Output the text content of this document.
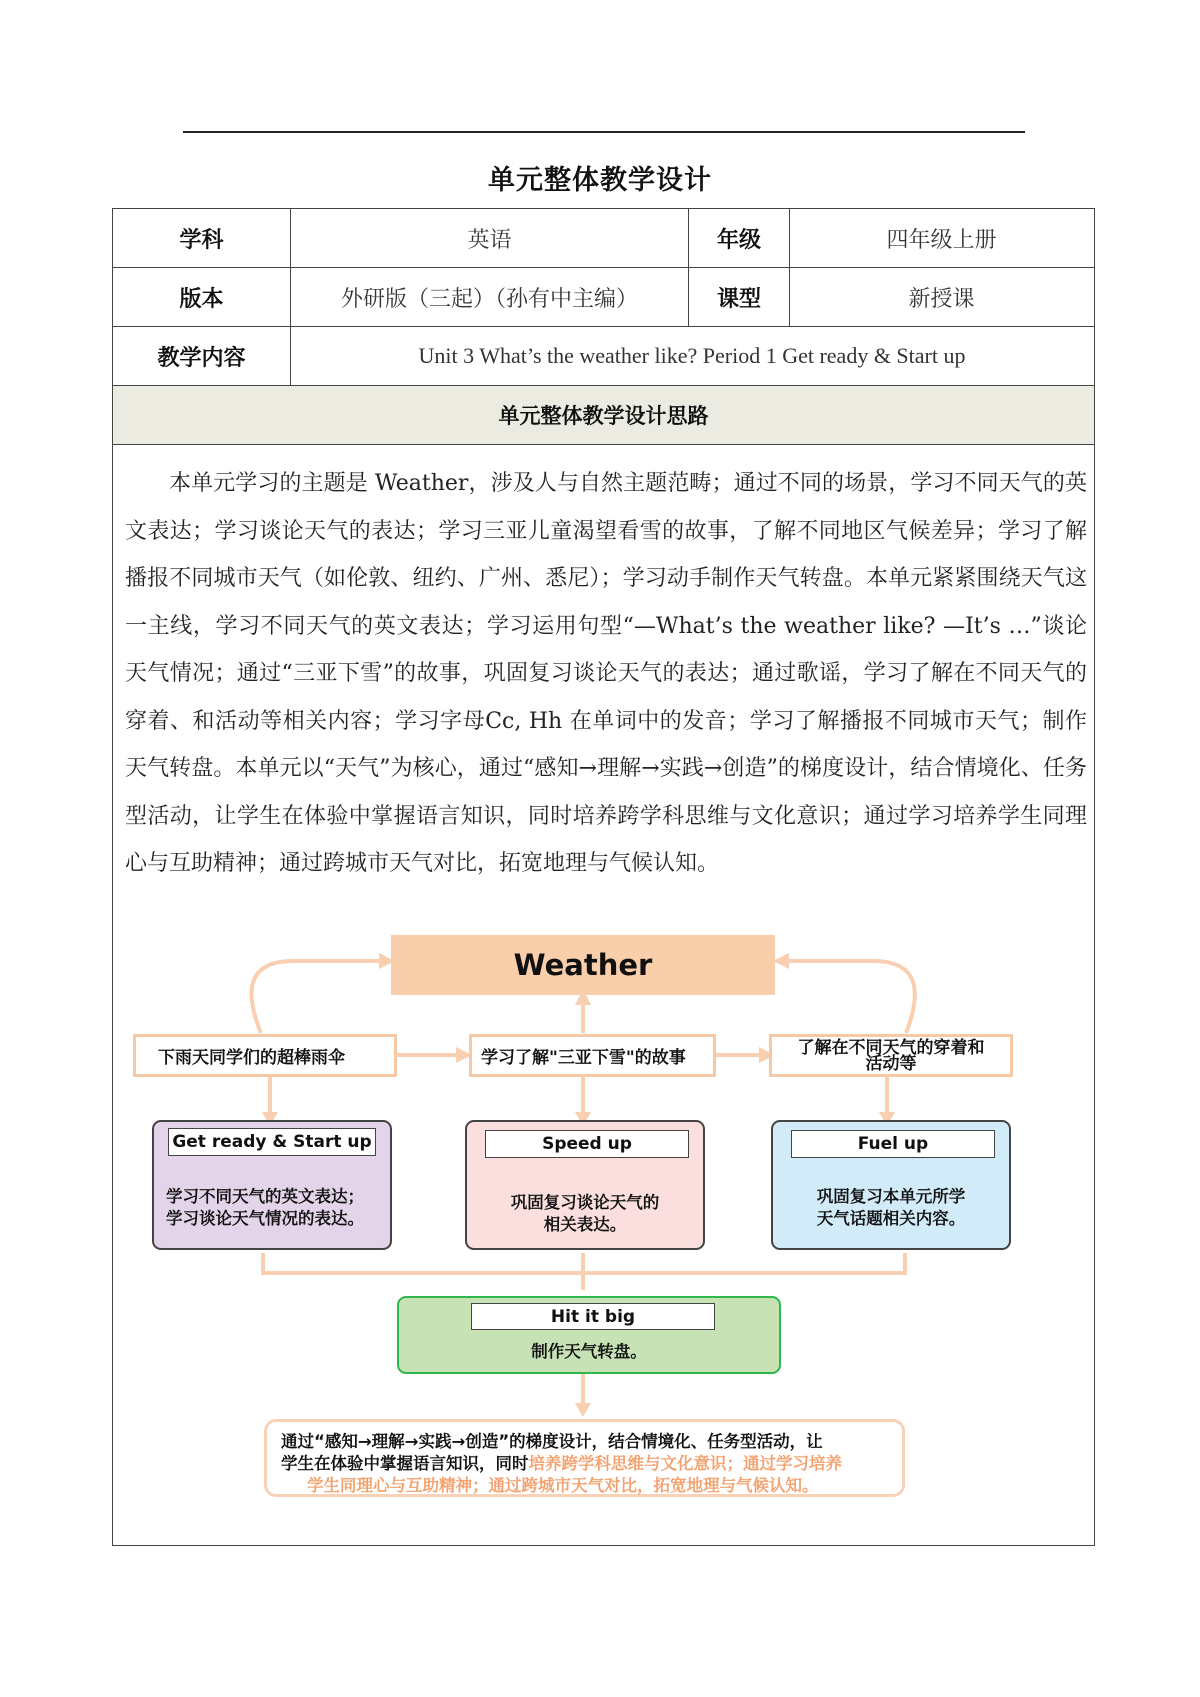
单元整体教学设计
学科	英语	年级	四年级上册
版本	外研版（三起）（孙有中主编）	课型	新授课
教学内容	Unit 3 What’s the weather like? Period 1 Get ready & Start up
单元整体教学设计思路
本单元学习的主题是 Weather，涉及人与自然主题范畴；通过不同的场景，学习不同天气的英文表达；学习谈论天气的表达；学习三亚儿童渴望看雪的故事，了解不同地区气候差异；学习了解播报不同城市天气（如伦敦、纽约、广州、悉尼）；学习动手制作天气转盘。本单元紧紧围绕天气这一主线，学习不同天气的英文表达；学习运用句型“—What’s the weather like? —It’s …”谈论天气情况；通过“三亚下雪”的故事，巩固复习谈论天气的表达；通过歌谣，学习了解在不同天气的穿着、和活动等相关内容；学习字母Cc, Hh 在单词中的发音；学习了解播报不同城市天气；制作天气转盘。本单元以“天气”为核心，通过“感知→理解→实践→创造”的梯度设计，结合情境化、任务型活动，让学生在体验中掌握语言知识，同时培养跨学科思维与文化意识；通过学习培养学生同理心与互助精神；通过跨城市天气对比，拓宽地理与气候认知。
Weather
下雨天同学们的超棒雨伞	学习了解"三亚下雪"的故事
了解在不同天气的穿着和活动等
Get ready & Start up
学习不同天气的英文表达；
学习谈论天气情况的表达。
Speed up
巩固复习谈论天气的
相关表达。
Fuel up
巩固复习本单元所学
天气话题相关内容。
Hit it big
制作天气转盘。
通过“感知→理解→实践→创造”的梯度设计，结合情境化、任务型活动，让
学生在体验中掌握语言知识，同时培养跨学科思维与文化意识；通过学习培养
学生同理心与互助精神；通过跨城市天气对比，拓宽地理与气候认知。
